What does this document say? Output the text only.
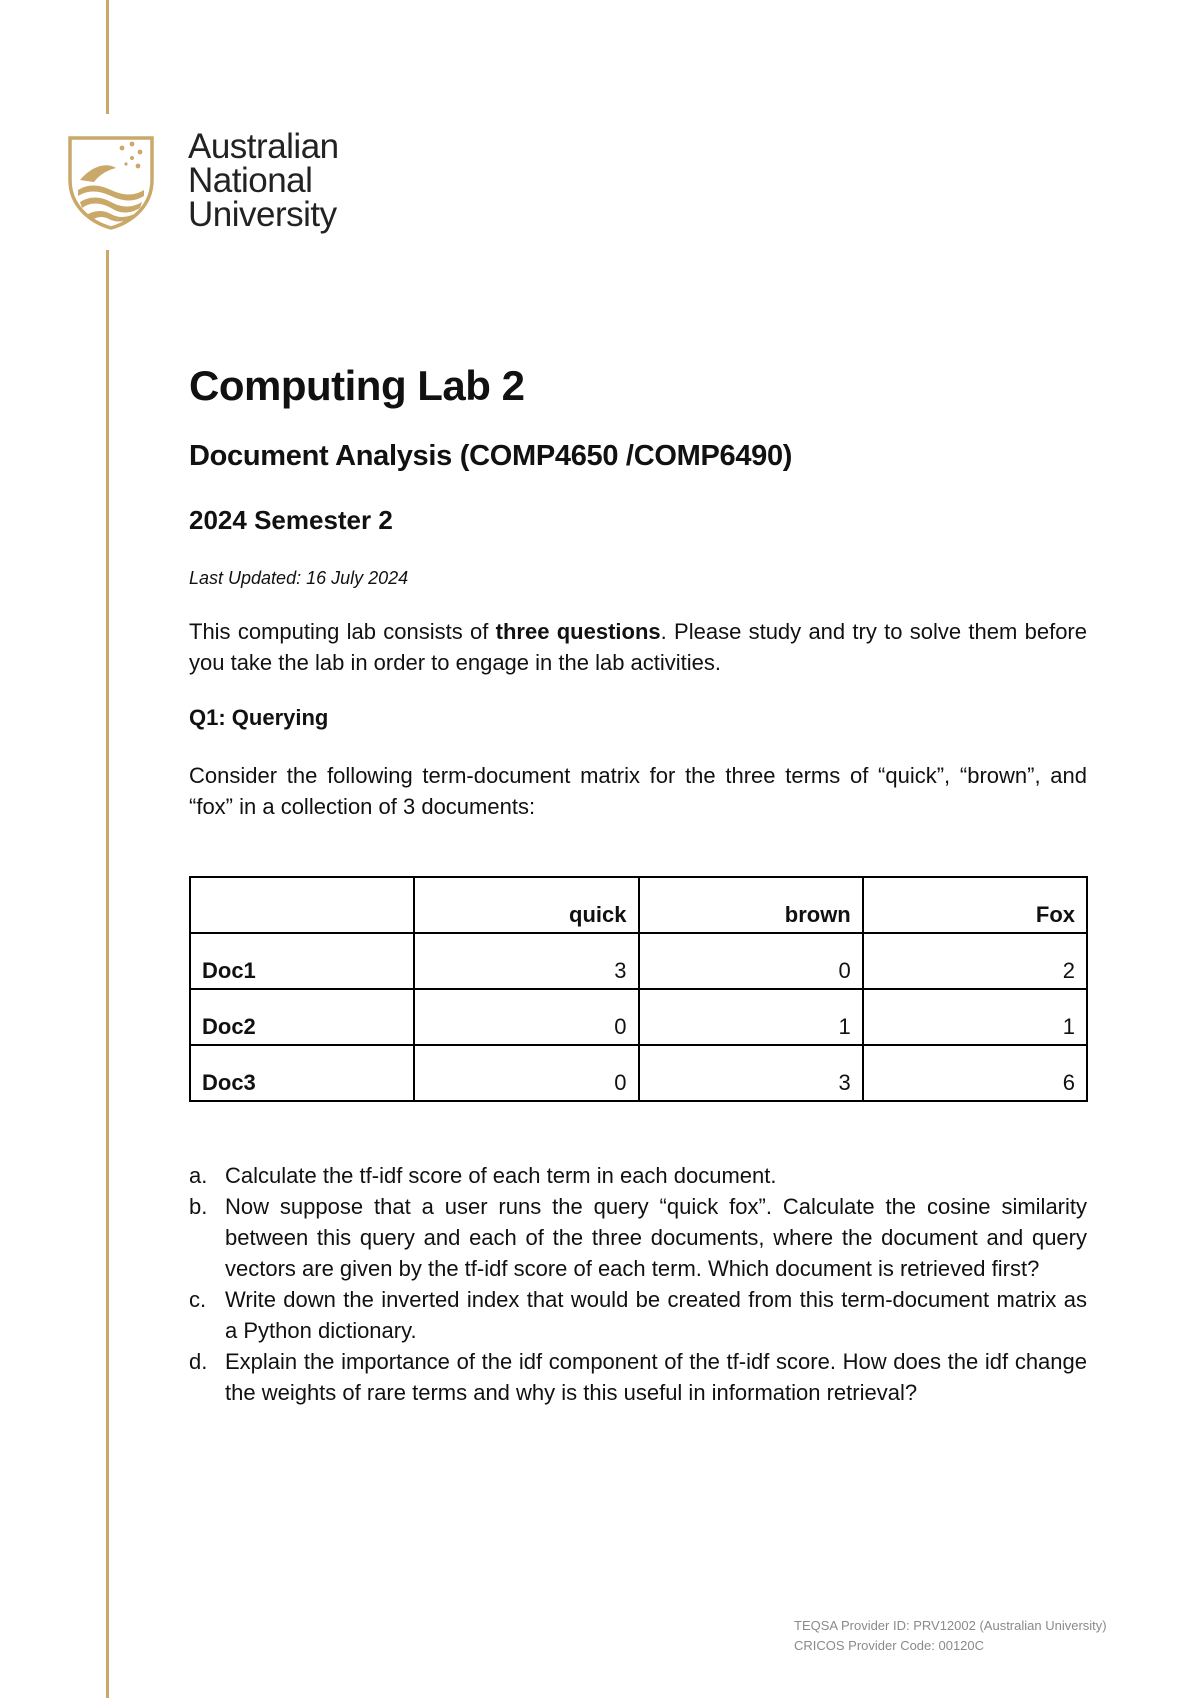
Australian
National
University
Computing Lab 2
Document Analysis (COMP4650 /COMP6490)
2024 Semester 2
Last Updated: 16 July 2024
This computing lab consists of three questions. Please study and try to solve them before you take the lab in order to engage in the lab activities.
Q1: Querying
Consider the following term-document matrix for the three terms of “quick”, “brown”, and “fox” in a collection of 3 documents:
	quick	brown	Fox
Doc1	3	0	2
Doc2	0	1	1
Doc3	0	3	6
a. Calculate the tf-idf score of each term in each document.
b. Now suppose that a user runs the query “quick fox”. Calculate the cosine similarity between this query and each of the three documents, where the document and query vectors are given by the tf-idf score of each term. Which document is retrieved first?
c. Write down the inverted index that would be created from this term-document matrix as a Python dictionary.
d. Explain the importance of the idf component of the tf-idf score. How does the idf change the weights of rare terms and why is this useful in information retrieval?
TEQSA Provider ID: PRV12002 (Australian University)
CRICOS Provider Code: 00120C
